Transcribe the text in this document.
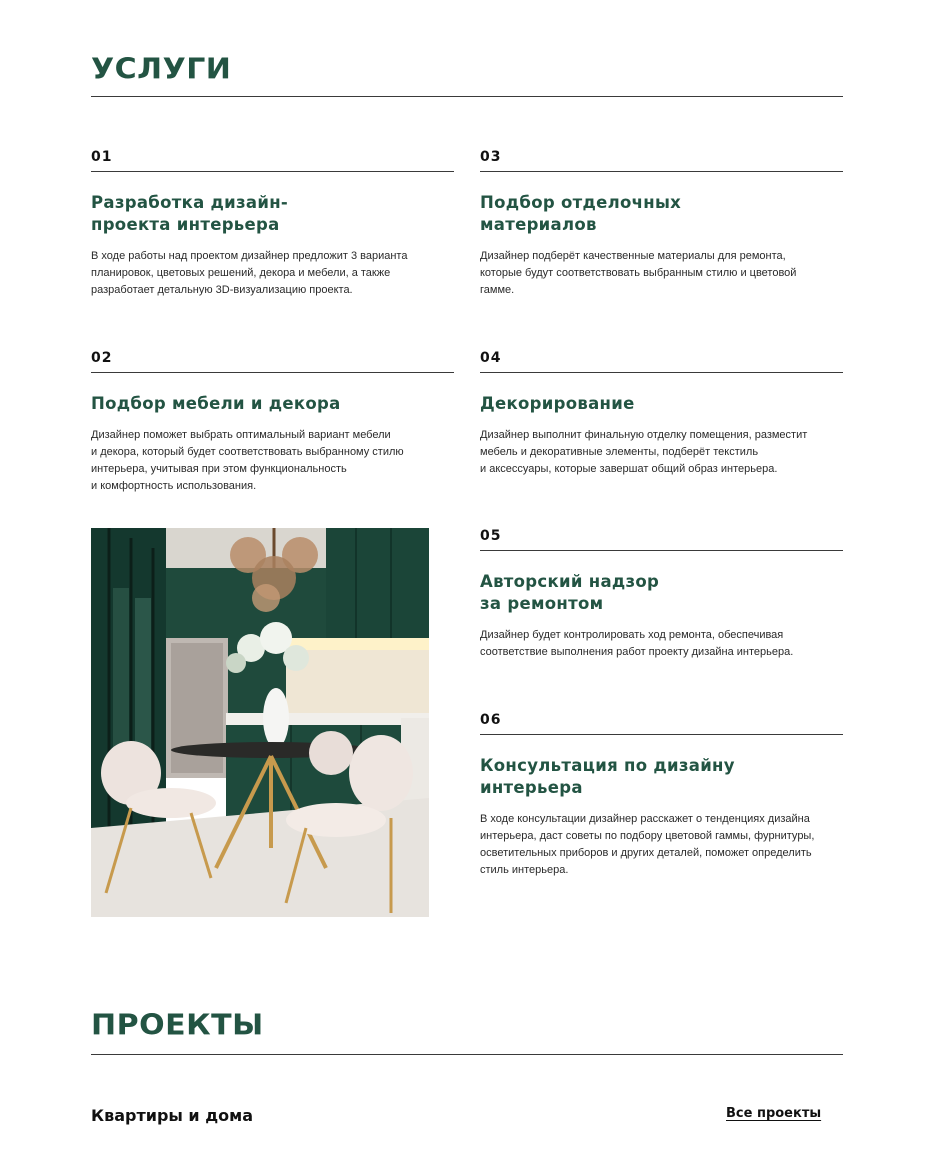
УСЛУГИ
01
Разработка дизайн-
проекта интерьера
В ходе работы над проектом дизайнер предложит 3 варианта
планировок, цветовых решений, декора и мебели, а также
разработает детальную 3D-визуализацию проекта.
03
Подбор отделочных
материалов
Дизайнер подберёт качественные материалы для ремонта,
которые будут соответствовать выбранным стилю и цветовой
гамме.
02
Подбор мебели и декора
Дизайнер поможет выбрать оптимальный вариант мебели
и декора, который будет соответствовать выбранному стилю
интерьера, учитывая при этом функциональность
и комфортность использования.
04
Декорирование
Дизайнер выполнит финальную отделку помещения, разместит
мебель и декоративные элементы, подберёт текстиль
и аксессуары, которые завершат общий образ интерьера.
05
Авторский надзор
за ремонтом
Дизайнер будет контролировать ход ремонта, обеспечивая
соответствие выполнения работ проекту дизайна интерьера.
06
Консультация по дизайну
интерьера
В ходе консультации дизайнер расскажет о тенденциях дизайна
интерьера, даст советы по подбору цветовой гаммы, фурнитуры,
осветительных приборов и других деталей, поможет определить
стиль интерьера.
ПРОЕКТЫ
Квартиры и дома	Все проекты
